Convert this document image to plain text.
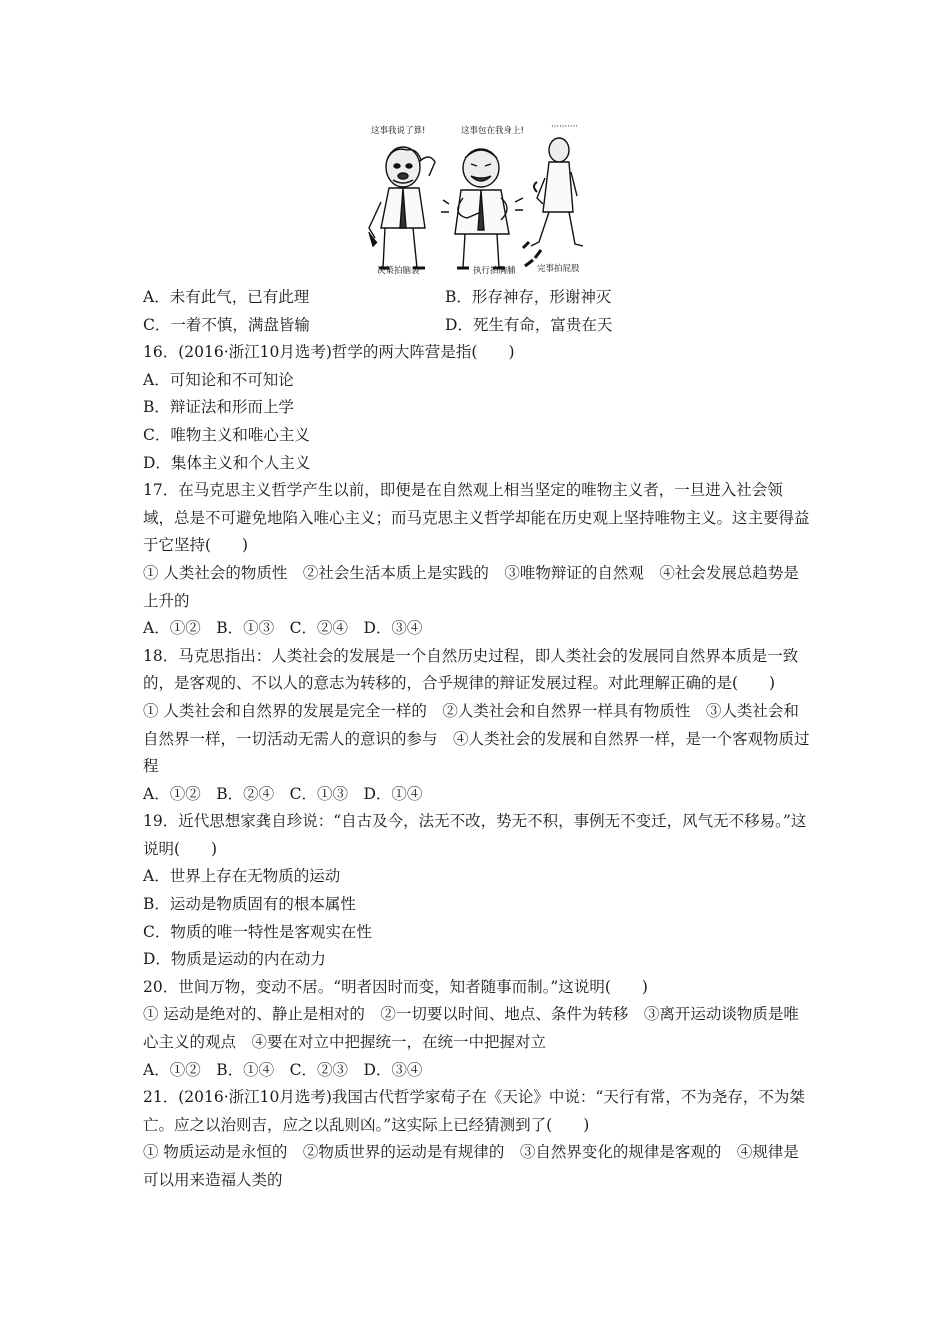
这事我说了算!	这事包在我身上!	··········
决策拍脑袋	执行拍胸脯	完事拍屁股
A．未有此气，已有此理	B．形存神存，形谢神灭
C．一着不慎，满盘皆输	D．死生有命，富贵在天
16．(2016·浙江10月选考)哲学的两大阵营是指(　　)
A．可知论和不可知论
B．辩证法和形而上学
C．唯物主义和唯心主义
D．集体主义和个人主义
17．在马克思主义哲学产生以前，即便是在自然观上相当坚定的唯物主义者，一旦进入社会领域，总是不可避免地陷入唯心主义；而马克思主义哲学却能在历史观上坚持唯物主义。这主要得益于它坚持(　　)
① 人类社会的物质性　②社会生活本质上是实践的　③唯物辩证的自然观　④社会发展总趋势是上升的
A．①②　B．①③　C．②④　D．③④
18．马克思指出：人类社会的发展是一个自然历史过程，即人类社会的发展同自然界本质是一致的，是客观的、不以人的意志为转移的，合乎规律的辩证发展过程。对此理解正确的是(　　)
① 人类社会和自然界的发展是完全一样的　②人类社会和自然界一样具有物质性　③人类社会和自然界一样，一切活动无需人的意识的参与　④人类社会的发展和自然界一样，是一个客观物质过程
A．①②　B．②④　C．①③　D．①④
19．近代思想家龚自珍说：“自古及今，法无不改，势无不积，事例无不变迁，风气无不移易。”这说明(　　)
A．世界上存在无物质的运动
B．运动是物质固有的根本属性
C．物质的唯一特性是客观实在性
D．物质是运动的内在动力
20．世间万物，变动不居。“明者因时而变，知者随事而制。”这说明(　　)
① 运动是绝对的、静止是相对的　②一切要以时间、地点、条件为转移　③离开运动谈物质是唯心主义的观点　④要在对立中把握统一，在统一中把握对立
A．①②　B．①④　C．②③　D．③④
21．(2016·浙江10月选考)我国古代哲学家荀子在《天论》中说：“天行有常，不为尧存，不为桀亡。应之以治则吉，应之以乱则凶。”这实际上已经猜测到了(　　)
① 物质运动是永恒的　②物质世界的运动是有规律的　③自然界变化的规律是客观的　④规律是可以用来造福人类的
